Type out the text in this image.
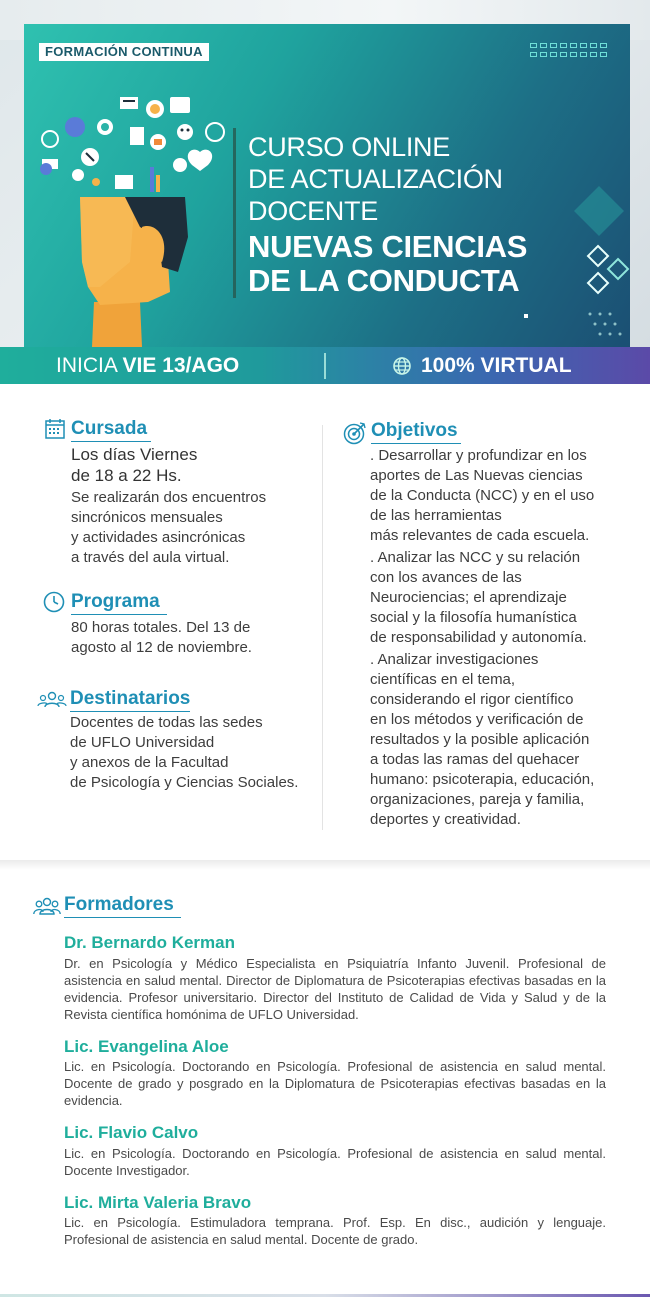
FORMACIÓN CONTINUA
CURSO ONLINE
DE ACTUALIZACIÓN
DOCENTE
NUEVAS CIENCIAS
DE LA CONDUCTA
INICIA VIE 13/AGO	100% VIRTUAL
Cursada
Los días Viernes
de 18 a 22 Hs.
Se realizarán dos encuentros
sincrónicos mensuales
y actividades asincrónicas
a través del aula virtual.
Programa
80 horas totales. Del 13 de
agosto al 12 de noviembre.
Destinatarios
Docentes de todas las sedes
de UFLO Universidad
y anexos de la Facultad
de Psicología y Ciencias Sociales.
Objetivos
. Desarrollar y profundizar en los
aportes de Las Nuevas ciencias
de la Conducta (NCC) y en el uso
de las herramientas
más relevantes de cada escuela.
. Analizar las NCC y su relación
con los avances de las
Neurociencias; el aprendizaje
social y la filosofía humanística
de responsabilidad y autonomía.
. Analizar investigaciones
científicas en el tema,
considerando el rigor científico
en los métodos y verificación de
resultados y la posible aplicación
a todas las ramas del quehacer
humano: psicoterapia, educación,
organizaciones, pareja y familia,
deportes y creatividad.
Formadores
Dr. Bernardo Kerman
Dr. en Psicología y Médico Especialista en Psiquiatría Infanto Juvenil. Profesional de asistencia en salud mental. Director de Diplomatura de Psicoterapias efectivas basadas en la evidencia. Profesor universitario. Director del Instituto de Calidad de Vida y Salud y de la Revista científica homónima de UFLO Universidad.
Lic. Evangelina Aloe
Lic. en Psicología. Doctorando en Psicología. Profesional de asistencia en salud mental. Docente de grado y posgrado en la Diplomatura de Psicoterapias efectivas basadas en la evidencia.
Lic. Flavio Calvo
Lic. en Psicología. Doctorando en Psicología. Profesional de asistencia en salud mental. Docente Investigador.
Lic. Mirta Valeria Bravo
Lic. en Psicología. Estimuladora temprana. Prof. Esp. En disc., audición y lenguaje. Profesional de asistencia en salud mental. Docente de grado.
